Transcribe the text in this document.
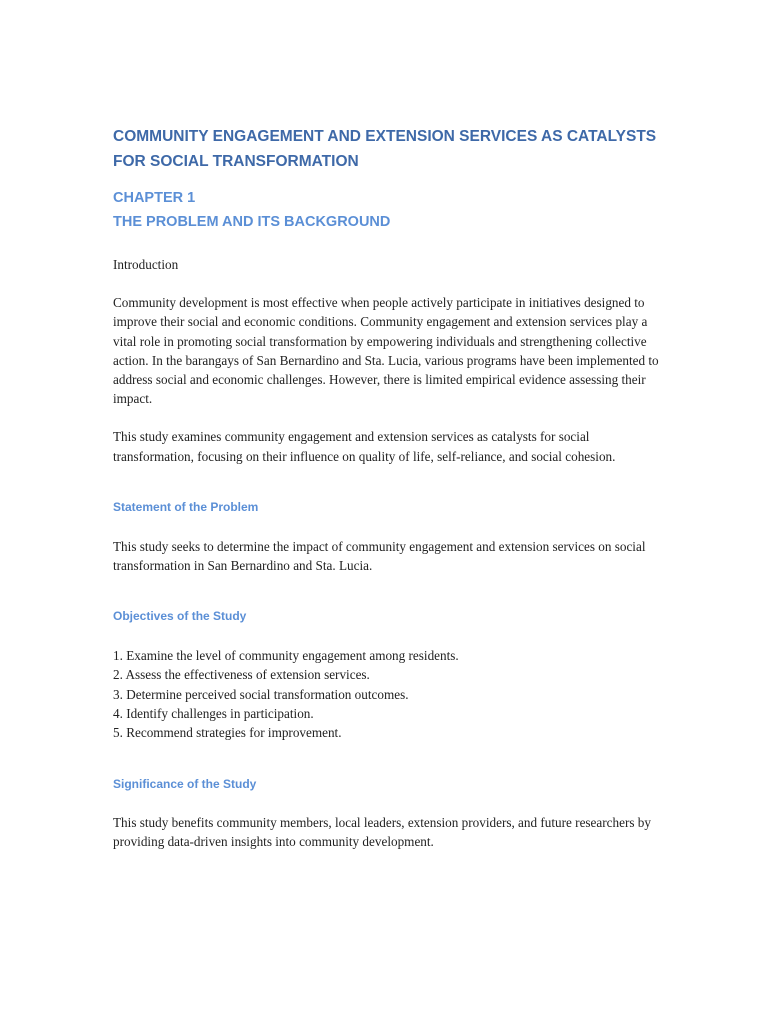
COMMUNITY ENGAGEMENT AND EXTENSION SERVICES AS CATALYSTS
FOR SOCIAL TRANSFORMATION
CHAPTER 1
THE PROBLEM AND ITS BACKGROUND

Introduction

Community development is most effective when people actively participate in initiatives designed to improve their social and economic conditions. Community engagement and extension services play a vital role in promoting social transformation by empowering individuals and strengthening collective action. In the barangays of San Bernardino and Sta. Lucia, various programs have been implemented to address social and economic challenges. However, there is limited empirical evidence assessing their impact.

This study examines community engagement and extension services as catalysts for social transformation, focusing on their influence on quality of life, self-reliance, and social cohesion.

Statement of the Problem

This study seeks to determine the impact of community engagement and extension services on social transformation in San Bernardino and Sta. Lucia.

Objectives of the Study
1. Examine the level of community engagement among residents.
2. Assess the effectiveness of extension services.
3. Determine perceived social transformation outcomes.
4. Identify challenges in participation.
5. Recommend strategies for improvement.
Significance of the Study

This study benefits community members, local leaders, extension providers, and future researchers by providing data-driven insights into community development.
